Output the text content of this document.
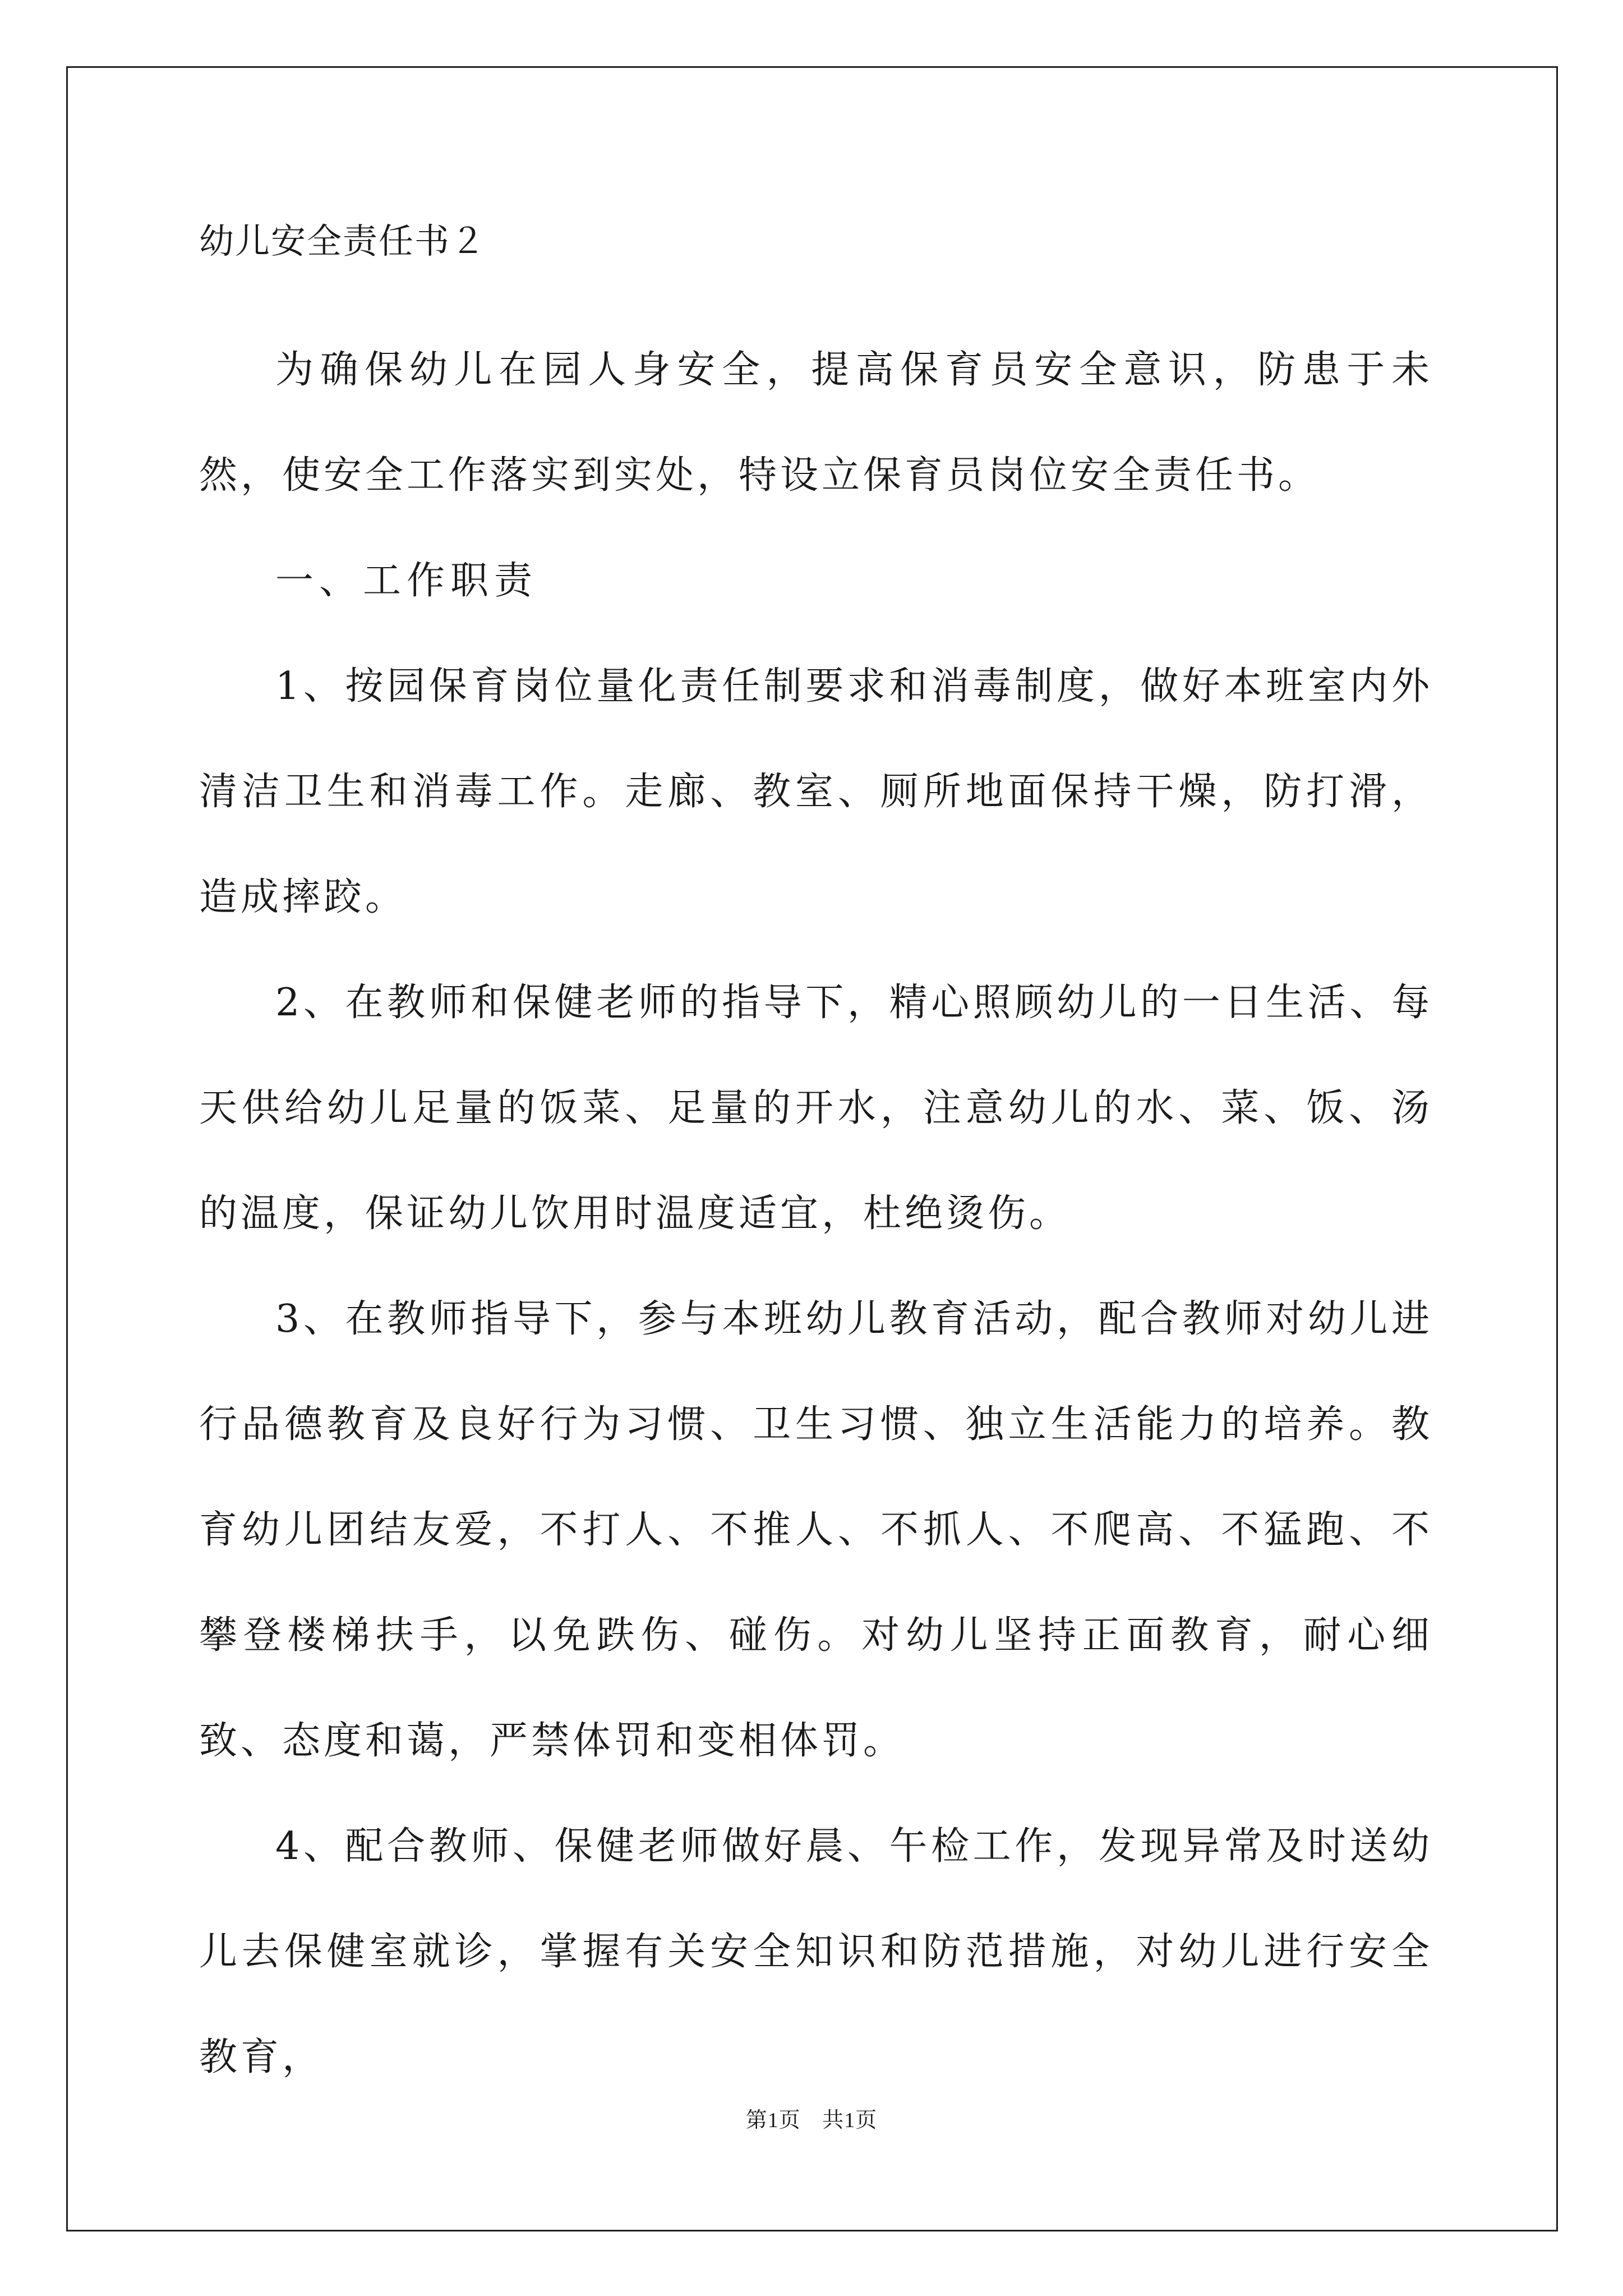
幼儿安全责任书２

为确保幼儿在园人身安全，提高保育员安全意识，防患于未然，使安全工作落实到实处，特设立保育员岗位安全责任书。

一、工作职责

1、按园保育岗位量化责任制要求和消毒制度，做好本班室内外清洁卫生和消毒工作。走廊、教室、厕所地面保持干燥，防打滑，造成摔跤。

2、在教师和保健老师的指导下，精心照顾幼儿的一日生活、每天供给幼儿足量的饭菜、足量的开水，注意幼儿的水、菜、饭、汤的温度，保证幼儿饮用时温度适宜，杜绝烫伤。

3、在教师指导下，参与本班幼儿教育活动，配合教师对幼儿进行品德教育及良好行为习惯、卫生习惯、独立生活能力的培养。教育幼儿团结友爱，不打人、不推人、不抓人、不爬高、不猛跑、不攀登楼梯扶手，以免跌伤、碰伤。对幼儿坚持正面教育，耐心细致、态度和蔼，严禁体罚和变相体罚。

4、配合教师、保健老师做好晨、午检工作，发现异常及时送幼儿去保健室就诊，掌握有关安全知识和防范措施，对幼儿进行安全教育，

第1页 共1页
